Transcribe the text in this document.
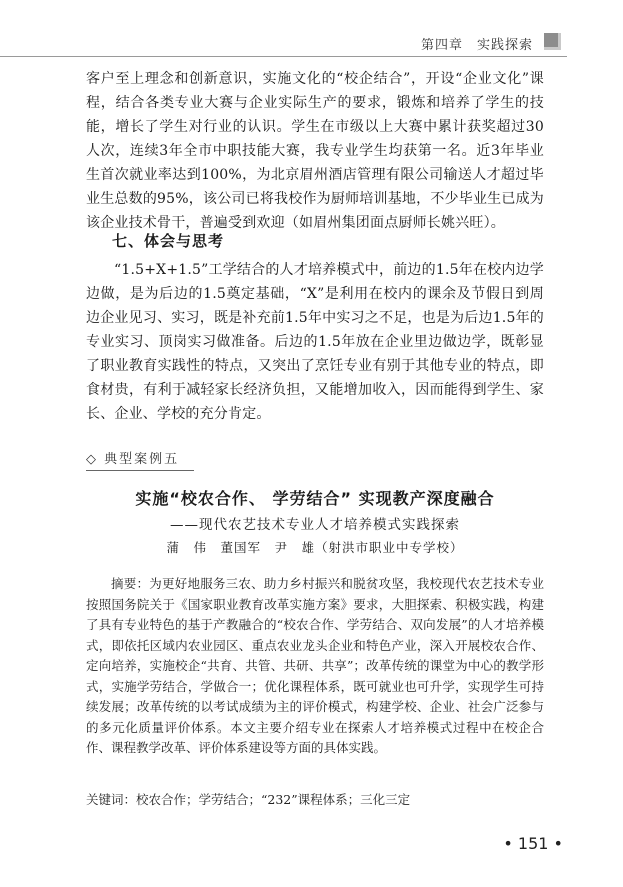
第四章　实践探索

客户至上理念和创新意识，实施文化的“校企结合”，开设“企业文化”课程，结合各类专业大赛与企业实际生产的要求，锻炼和培养了学生的技能，增长了学生对行业的认识。学生在市级以上大赛中累计获奖超过30人次，连续3年全市中职技能大赛，我专业学生均获第一名。近3年毕业生首次就业率达到100%，为北京眉州酒店管理有限公司输送人才超过毕业生总数的95%，该公司已将我校作为厨师培训基地，不少毕业生已成为该企业技术骨干，普遍受到欢迎（如眉州集团面点厨师长姚兴旺）。

七、体会与思考

“1.5+X+1.5”工学结合的人才培养模式中，前边的1.5年在校内边学边做，是为后边的1.5奠定基础，“X”是利用在校内的课余及节假日到周边企业见习、实习，既是补充前1.5年中实习之不足，也是为后边1.5年的专业实习、顶岗实习做准备。后边的1.5年放在企业里边做边学，既彰显了职业教育实践性的特点，又突出了烹饪专业有别于其他专业的特点，即食材贵，有利于减轻家长经济负担，又能增加收入，因而能得到学生、家长、企业、学校的充分肯定。

◇ 典型案例五
实施“校农合作、 学劳结合” 实现教产深度融合
——现代农艺技术专业人才培养模式实践探索
蒲　伟　董国军　尹　雄（射洪市职业中专学校）

摘要：为更好地服务三农、助力乡村振兴和脱贫攻坚，我校现代农艺技术专业按照国务院关于《国家职业教育改革实施方案》要求，大胆探索、积极实践，构建了具有专业特色的基于产教融合的“校农合作、学劳结合、双向发展”的人才培养模式，即依托区域内农业园区、重点农业龙头企业和特色产业，深入开展校农合作、定向培养，实施校企“共育、共管、共研、共享”；改革传统的课堂为中心的教学形式，实施学劳结合，学做合一；优化课程体系，既可就业也可升学，实现学生可持续发展；改革传统的以考试成绩为主的评价模式，构建学校、企业、社会广泛参与的多元化质量评价体系。本文主要介绍专业在探索人才培养模式过程中在校企合作、课程教学改革、评价体系建设等方面的具体实践。

关键词：校农合作；学劳结合；“232”课程体系；三化三定

• 151 •
